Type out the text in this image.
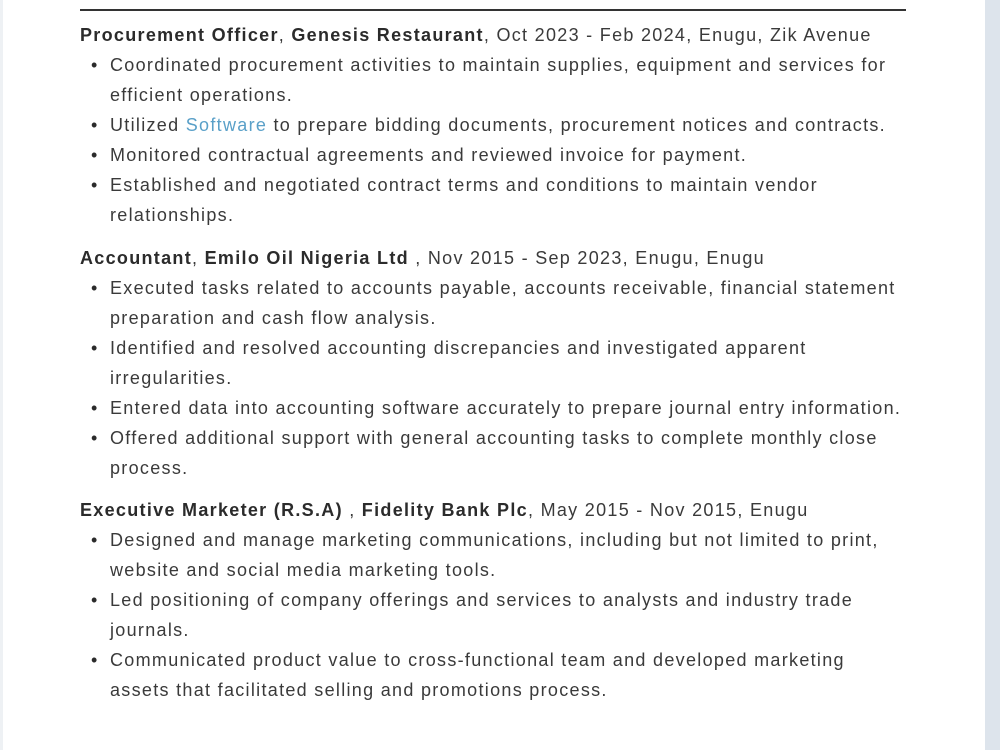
Procurement Officer, Genesis Restaurant, Oct 2023 - Feb 2024, Enugu, Zik Avenue
• Coordinated procurement activities to maintain supplies, equipment and services for efficient operations.
• Utilized Software to prepare bidding documents, procurement notices and contracts.
• Monitored contractual agreements and reviewed invoice for payment.
• Established and negotiated contract terms and conditions to maintain vendor relationships.
Accountant, Emilo Oil Nigeria Ltd , Nov 2015 - Sep 2023, Enugu, Enugu
• Executed tasks related to accounts payable, accounts receivable, financial statement preparation and cash flow analysis.
• Identified and resolved accounting discrepancies and investigated apparent irregularities.
• Entered data into accounting software accurately to prepare journal entry information.
• Offered additional support with general accounting tasks to complete monthly close process.
Executive Marketer (R.S.A) , Fidelity Bank Plc, May 2015 - Nov 2015, Enugu
• Designed and manage marketing communications, including but not limited to print, website and social media marketing tools.
• Led positioning of company offerings and services to analysts and industry trade journals.
• Communicated product value to cross-functional team and developed marketing assets that facilitated selling and promotions process.
